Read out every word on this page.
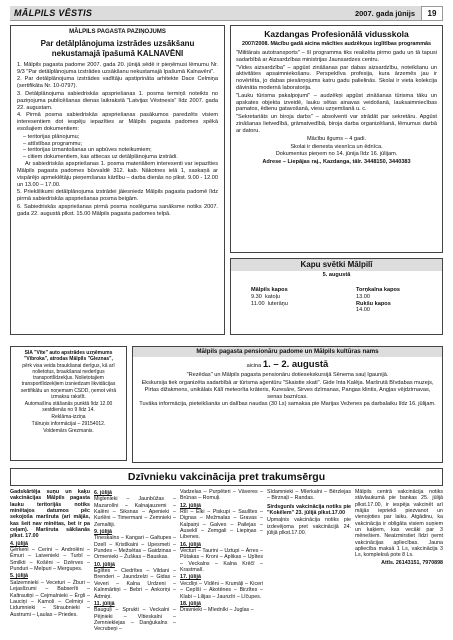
MĀLPILS VĒSTIS	2007. gada jūnijs	19
MĀLPILS PAGASTA PAZIŅOJUMS
Par detālplānojuma izstrādes uzsākšanu nekustamajā īpašumā KALNAVĒNI

1. Mālpils pagasta padome 2007. gada 20. jūnijā sēdē ir pieņēmusi lēmumu Nr. 9/3 "Par detālplānojuma izstrādes uzsākšanu nekustamajā īpašumā Kalnavēni".

2. Par detālplānojuma izstrādes vadītāju apstiprināta arhitekte Dace Celmiņa (sertifikāta Nr. 10-0797).

3. Detālplānojuma sabiedriskās apspriešanas 1. posma termiņš noteikts no paziņojuma publicēšanas dienas laikrakstā "Latvijas Vēstnesis" līdz 2007. gada 22. augustam.

4. Pirmā posma sabiedriskās apspriešanas pasākumos paredzēts visiem interesentiem dot iespēju iepazīties ar Mālpils pagasta padomes spēkā esošajiem dokumentiem:

– teritorijas plānojumu;
– attīstības programmu;
– teritorijas izmantošanas un apbūves noteikumiem;
– citiem dokumentiem, kas attiecas uz detālplānojuma izstrādi.

Ar sabiedriskās apspriešanas 1. posma materiāliem interesenti var iepazīties Mālpils pagasta padomes būvvaldē 312. kab. Nākotnes ielā 1, saskaņā ar vispārējo apmeklētāju pieņemšanas kārtību – darba dienās no plkst. 9.00 - 12.00 un 13.00 – 17.00.

5. Priekšlikumi detālplānojuma izstrādei jāiesniedz Mālpils pagasta padomē līdz pirmā sabiedriskās apspriešanas posma beigām.

6. Sabiedriskās apspriešanas pirmā posma noslēguma sanāksme notiks 2007. gada 22. augustā plkst. 15.00 Mālpils pagasta padomes telpā.

SIA "Vite" auto apstrādes uzņēmums "Vibroka", atrodas Mālpils "Gleznas",

pērk visa veida braukšanai derīgus, kā arī nolietotus, braukšanai nederīgus transportlīdzekļus. Nolietotajiem transportlīdzekļiem izsniedzam likvidācijas sertifikātu un noņemam CSDD, ņemot vērā izmaksu rakstīt.

Automašīnu stāšanās punktā līdz 12.00 sestdienās no 9 līdz 14.

Reklāma-izziņa

Tālruņis informācijai – 29154012.

Voldemārs Grezmanis.

Kazdangas Profesionālā vidusskola
2007/2008. Mācību gadā aicina mācīties audzēkņus izglītības programmās

"Militārais autotransports" – šī programma tiks realizēta pirmo gadu un tā tapusi sadarbībā ar Aizsardzības ministrijas Jaunsardzes centru.

"Vides aizsardzība" – apgūst zināšanas par dabas aizsardzību, noteikšanu un aktivitātes apsaimniekošanu. Perspektīva profesija, kura ārzemēs jau ir novērtēta, jo dabas piesārņojums katru gadu palielinās. Skolai ir vieta kolekcija dāvināta modernā laboratorija.

"Lauku tūrisma pakalpojumi" – audzēkņi apgūst zināšanas tūrisma tāku un apskates objekta izveidē, lauku sētas ainavas veidošanā, lauksaimniecības pamatos, ēdienu gatavošanā, viesu uzņemšanā u. c.

"Sekretariāts un biroja darbs" – absolventi var strādāt par sekretāru. Apgūst zināšanas lietvedībā, grāmatvedībā, biroja darba organizēšanā, lēmumus darbā ar datoru.

Mācību ilgums – 4 gadi.

Skolai ir dienesta viesnīca un ēdnīca.

Dokumentus pieņem no 14. jūnija līdz 16. jūlijam.

Adrese – Liepājas raj., Kazdanga, tālr. 3448150, 3440383

Kapu svētki Mālpilī
5. augustā
Mālpils kapos
9.30  katoļu
11.00  luterāņu
Torņkalna kapos
13.00
Rukšu kapos
14.00
Mālpils pagasta pensionāru padome un Mālpils kultūras nams
aicina 1. – 2. augustā

"Rezēdas" un Mālpils pagasta pensionāru dotiesekskursijā Sēnema sauļ Igaunijā.

Ekskursija tiek organizēta sadarbībā ar tūrisma aģentūru "Skaistie skati". Gide Inta Kalēja. Maršrutā Bīvdabas muzejs, Pirtas dižakmens, unikālais Kālī meteorīta krāteris, Kuresāre, Sirves dzīmanas, Pangas klintis, Angļas vējdzirnavas, senas baznīcas.

Tuvāka informācija, pieteikšanās un dalības naudas (30 Ls) samaksa pie Marijas Veženes pa darbalaiku līdz 16. jūlijam.

Dzīvnieku vakcinācija pret trakumsērgu

Gadskārtēja suņu un kaķu vakcinācijas Mālpils pagasta lauku teritorijās notiks minētajos datumos pēc sekojoša maršruta (ari mājās, kas šeit nav minētas, bet ir pa ceļam). Maršruta sākšanās plkst. 17.00

4. jūlijā

Ģērkeni – Cerini – Androlēni – Ēmuri – Laivenieki – Turbī – Smilkti – Košēni – Dzērves – Punduri – Melpuri – Mergupes.

5. jūlijā

Salzemnieki – Veceturi – Žburi – Lejaslīzumi – Babserīti – Kaltrautiņi – Cejmalnieki – Ērgli – Lauciņi – Kamoli – Celmiņi – Lidumnieki – Straubnieki – Austrumi – Ļaulas – Priedes.

6. jūlijā

Miglenieki – Jaunbūžas – Mazarolīni – Kalnajauzemi – Kalēni – Siksnas – Apenieki – Kurlēni – Timermani – Zemnieki – Zemaltiji.

9. jūlijā

Tineskalns – Kangari – Galtupes – Dzelī – Kristlkalni – Upesmeti – Pundes – Mežsētas – Gaidzinas – Ormenieki – Žuškas – Bauskas.

10. jūlijā

Egiītes – Ciedrītes – Vildani – Brenderi – Jaundzelzi – Gidas – Veveri – Kalna Urdzeni – Kalnmārtiņi – Bebri – Ankoriņi – Ādmiņi.

11. jūlijā

Bauguļi – Sprukti – Veckalni – Pējnieki – Vītieskalni – Zemnieklejas – Danģukalns – Vecrubeņi –

Vadzelas – Purpēteri – Vāveres – Brūnas – Romuļi.

12. jūlijā

Rīli – Elki – Piskupi – Saulītes – Dignas – Mežmalas – Gravas – Kalpaiņi – Galves – Pailejas – Auseklī – Zemgali – Liepiņas – Libenes.

16. jūlijā

Vecturi – Taurini – Uztupi – Ārres – Pūtakas – Kroni – Aplikas – Upītes – Vecka​lns – Kalna Krēčī – Krastmalī.

17. jūlijā

Vecdīņi – Vīdēni – Krumāļi – Kiceri – Cepīši – Akotēnes – Birzītes – Klabi – Lilijas – Jaunzīri – Līčupes.

18. jūlijā

Dravnieki – Mīednīki – Juglas –

Sīdamnieki – Mīerkalni – Bērzlejas – Birznaļi – Randas.

Sirdsgunīs vakcinācija notiks pie "Kokēīem" 23. jūlijā plkst.17.00

Upmaļnis vakcinācija notiks pie izdevējoma pret vakcinācijā 24. jūlijā plkst.17.00.

Mālpils centrā vakcinācija notiks stāvlaukumā pie bankas 25. jūlijā plkst.17.00, ir iespēja vakcinēt arī mājās iepriekš piezvanot un vienojoties par laiku. Atgādinu, ka vakcinācija ir obligāta visiem suņiem un kaķiem, kas vecāki par 3 mēnešiem. Neaizmirstiet līdzi ņemt vakcinācijas apliecības. Jauna apliecība maksā 1 Ls, vakcinācija 3 Ls, kompleksā pote 8 Ls.

Attīs. 26143151, 7970898
